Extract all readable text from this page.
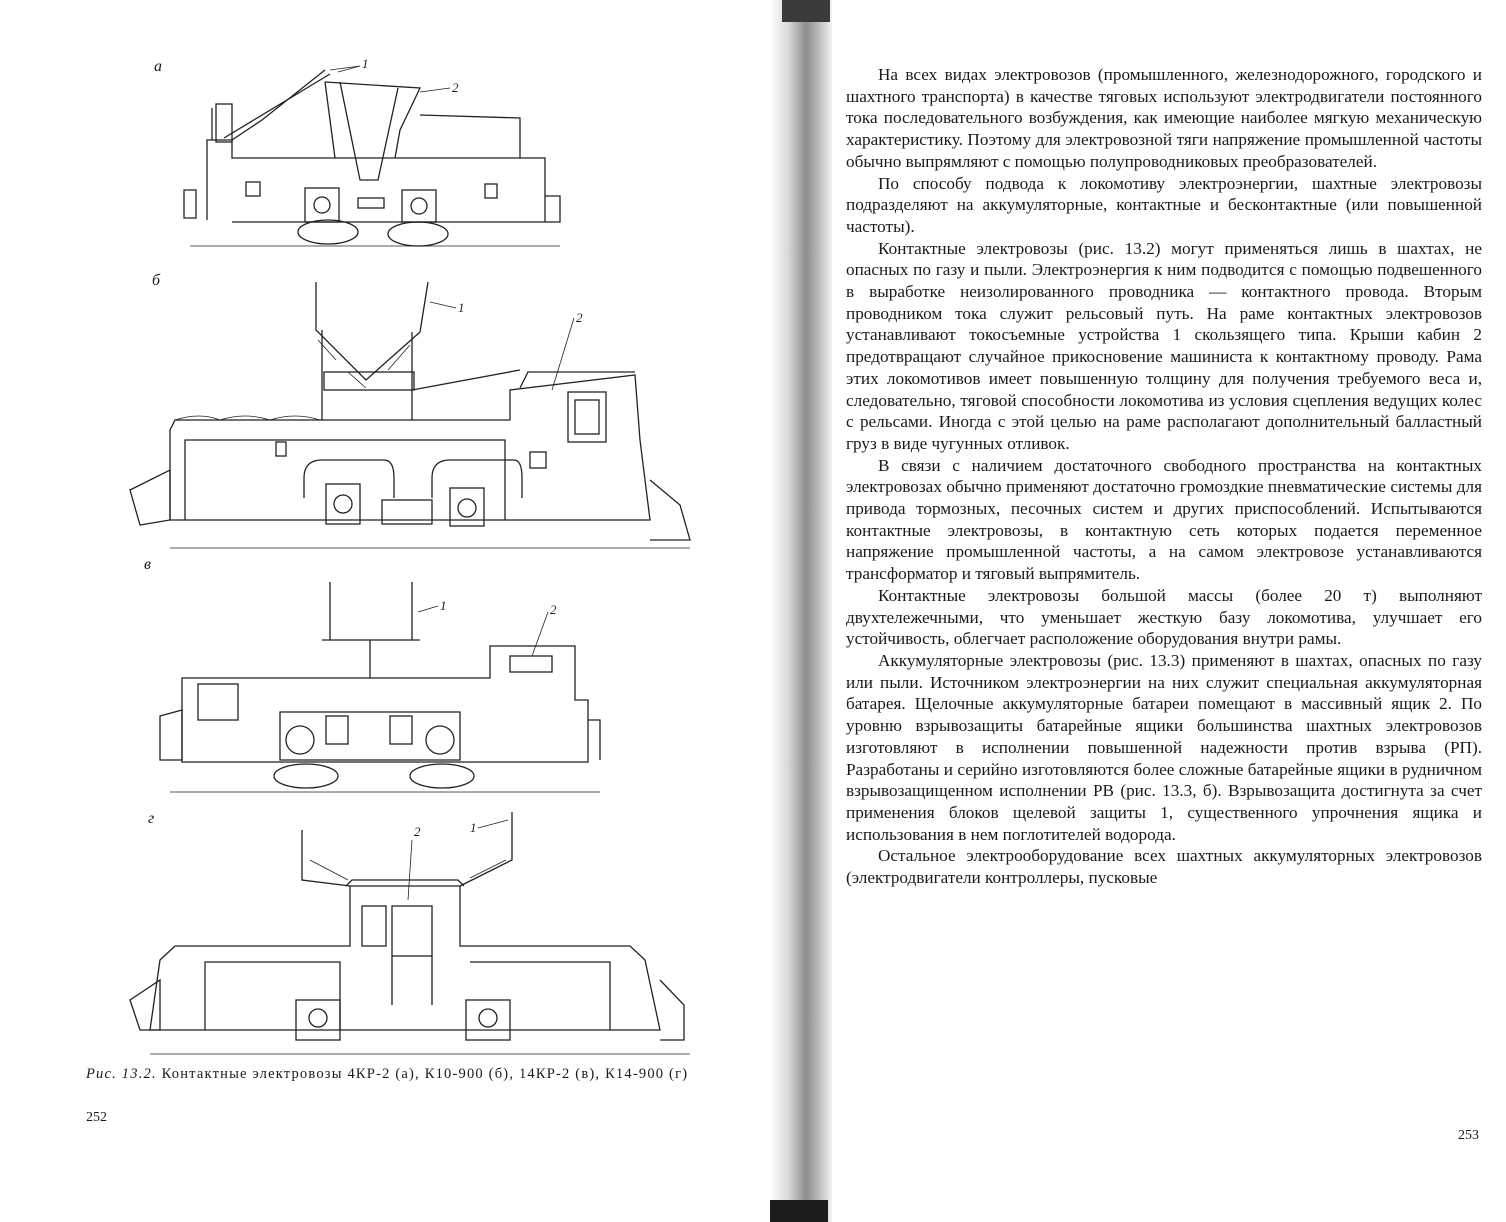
1
2
1
2
1	2
1
2
а
б
в
г
Рис. 13.2. Контактные электровозы 4КР-2 (а), К10-900 (б), 14КР-2 (в), К14-900 (г)
252

На всех видах электровозов (промышленного, железнодорожного, городского и шахтного транспорта) в качестве тяговых используют электродвигатели постоянного тока последовательного возбуждения, как имеющие наиболее мягкую механическую характеристику. Поэтому для электровозной тяги напряжение промышленной частоты обычно выпрямляют с помощью полупроводниковых преобразователей.

По способу подвода к локомотиву электроэнергии, шахтные электровозы подразделяют на аккумуляторные, контактные и бесконтактные (или повышенной частоты).

Контактные электровозы (рис. 13.2) могут применяться лишь в шахтах, не опасных по газу и пыли. Электроэнергия к ним подводится с помощью подвешенного в выработке неизолированного проводника — контактного провода. Вторым проводником тока служит рельсовый путь. На раме контактных электровозов устанавливают токосъемные устройства 1 скользящего типа. Крыши кабин 2 предотвращают случайное прикосновение машиниста к контактному проводу. Рама этих локомотивов имеет повышенную толщину для получения требуемого веса и, следовательно, тяговой способности локомотива из условия сцепления ведущих колес с рельсами. Иногда с этой целью на раме располагают дополнительный балластный груз в виде чугунных отливок.

В связи с наличием достаточного свободного пространства на контактных электровозах обычно применяют достаточно громоздкие пневматические системы для привода тормозных, песочных систем и других приспособлений. Испытываются контактные электровозы, в контактную сеть которых подается переменное напряжение промышленной частоты, а на самом электровозе устанавливаются трансформатор и тяговый выпрямитель.

Контактные электровозы большой массы (более 20 т) выполняют двухтележечными, что уменьшает жесткую базу локомотива, улучшает его устойчивость, облегчает расположение оборудования внутри рамы.

Аккумуляторные электровозы (рис. 13.3) применяют в шахтах, опасных по газу или пыли. Источником электроэнергии на них служит специальная аккумуляторная батарея. Щелочные аккумуляторные батареи помещают в массивный ящик 2. По уровню взрывозащиты батарейные ящики большинства шахтных электровозов изготовляют в исполнении повышенной надежности против взрыва (РП). Разработаны и серийно изготовляются более сложные батарейные ящики в рудничном взрывозащищенном исполнении РВ (рис. 13.3, б). Взрывозащита достигнута за счет применения блоков щелевой защиты 1, существенного упрочнения ящика и использования в нем поглотителей водорода.

Остальное электрооборудование всех шахтных аккумуляторных электровозов (электродвигатели контроллеры, пусковые

253
